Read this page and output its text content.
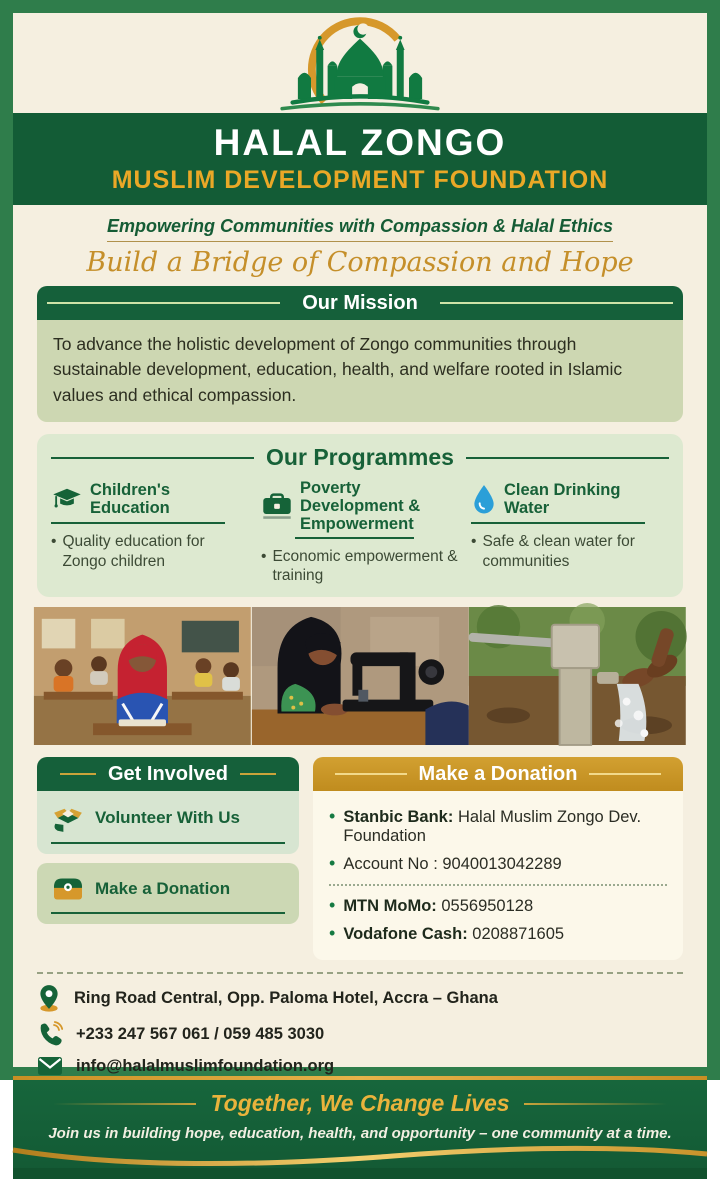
HALAL ZONGO
MUSLIM DEVELOPMENT FOUNDATION
Empowering Communities with Compassion & Halal Ethics
Build a Bridge of Compassion and Hope
Our Mission
To advance the holistic development of Zongo communities through sustainable development, education, health, and welfare rooted in Islamic values and ethical compassion.
Our Programmes
Children's Education
• Quality education for Zongo children
Poverty Development & Empowerment
• Economic empowerment & training
Clean Drinking Water
• Safe & clean water for communities
Get Involved
Volunteer With Us
Make a Donation
Make a Donation
• Stanbic Bank: Halal Muslim Zongo Dev. Foundation
• Account No : 9040013042289
• MTN MoMo: 0556950128
• Vodafone Cash: 0208871605
Ring Road Central, Opp. Paloma Hotel, Accra – Ghana
+233 247 567 061 / 059 485 3030
info@halalmuslimfoundation.org
Together, We Change Lives
Join us in building hope, education, health, and opportunity – one community at a time.
